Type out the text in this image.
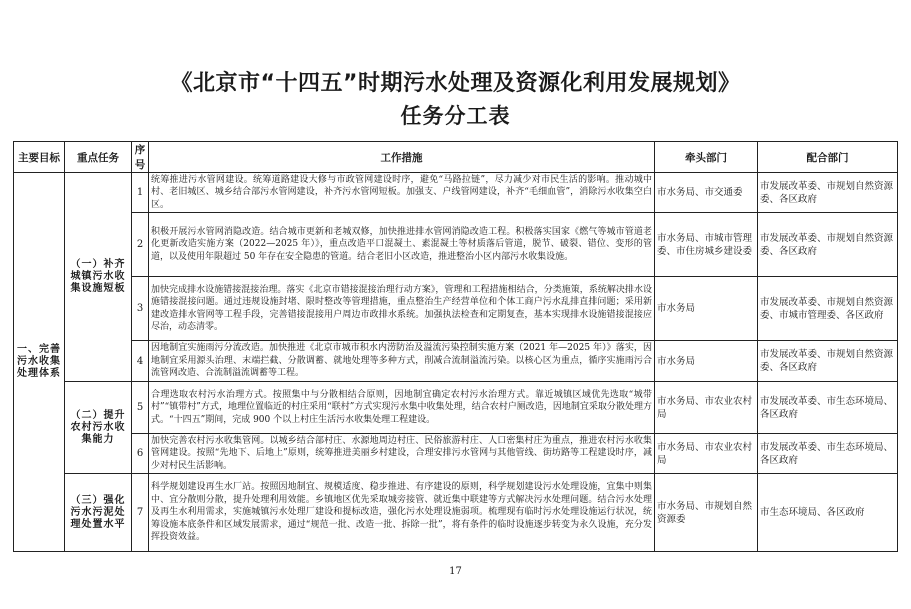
《北京市“十四五”时期污水处理及资源化利用发展规划》
任务分工表
主要目标	重点任务	序号	工作措施	牵头部门	配合部门
一、完善污水收集处理体系	（一）补齐城镇污水收集设施短板	1	统筹推进污水管网建设。统筹道路建设大修与市政管网建设时序，避免“马路拉链”，尽力减少对市民生活的影响。推动城中村、老旧城区、城乡结合部污水管网建设，补齐污水管网短板。加强支、户线管网建设，补齐“毛细血管”，消除污水收集空白区。	市水务局、市交通委	市发展改革委、市规划自然资源委、各区政府
		2	积极开展污水管网消隐改造。结合城市更新和老城双修，加快推进排水管网消隐改造工程。积极落实国家《燃气等城市管道老化更新改造实施方案（2022—2025 年）》，重点改造平口混凝土、素混凝土等材质落后管道，脱节、破裂、错位、变形的管道，以及使用年限超过 50 年存在安全隐患的管道。结合老旧小区改造，推进整治小区内部污水收集设施。	市水务局、市城市管理委、市住房城乡建设委	市发展改革委、市规划自然资源委、各区政府
		3	加快完成排水设施错接混接治理。落实《北京市错接混接治理行动方案》，管理和工程措施相结合，分类施策，系统解决排水设施错接混接问题。通过违规设施封堵、限时整改等管理措施，重点整治生产经营单位和个体工商户污水乱排直排问题；采用新建改造排水管网等工程手段，完善错接混接用户周边市政排水系统。加强执法检查和定期复查，基本实现排水设施错接混接应尽治，动态清零。	市水务局	市发展改革委、市规划自然资源委、市城市管理委、各区政府
		4	因地制宜实施雨污分流改造。加快推进《北京市城市积水内涝防治及溢流污染控制实施方案（2021 年—2025 年）》落实，因地制宜采用源头治理、末端拦截、分散调蓄、就地处理等多种方式，削减合流制溢流污染。以核心区为重点，循序实施雨污合流管网改造、合流制溢流调蓄等工程。	市水务局	市发展改革委、市规划自然资源委、各区政府
	（二）提升农村污水收集能力	5	合理选取农村污水治理方式。按照集中与分散相结合原则，因地制宜确定农村污水治理方式。靠近城镇区域优先选取“城带村”“镇带村”方式，地理位置临近的村庄采用“联村”方式实现污水集中收集处理，结合农村户厕改造，因地制宜采取分散处理方式。“十四五”期间，完成 900 个以上村庄生活污水收集处理工程建设。	市水务局、市农业农村局	市发展改革委、市生态环境局、各区政府
		6	加快完善农村污水收集管网。以城乡结合部村庄、水源地周边村庄、民俗旅游村庄、人口密集村庄为重点，推进农村污水收集管网建设。按照“先地下、后地上”原则，统筹推进美丽乡村建设，合理安排污水管网与其他管线、街坊路等工程建设时序，减少对村民生活影响。	市水务局、市农业农村局	市发展改革委、市生态环境局、各区政府
	（三）强化污水污泥处理处置水平	7	科学规划建设再生水厂站。按照因地制宜、规模适度、稳步推进、有序建设的原则，科学规划建设污水处理设施，宜集中则集中、宜分散则分散，提升处理利用效能。乡镇地区优先采取城旁接管、就近集中联建等方式解决污水处理问题。结合污水处理及再生水利用需求，实施城镇污水处理厂建设和提标改造，强化污水处理设施弱项。梳理现有临时污水处理设施运行状况，统筹设施本底条件和区域发展需求，通过“规范一批、改造一批、拆除一批”，将有条件的临时设施逐步转变为永久设施，充分发挥投资效益。	市水务局、市规划自然资源委	市生态环境局、各区政府
17
